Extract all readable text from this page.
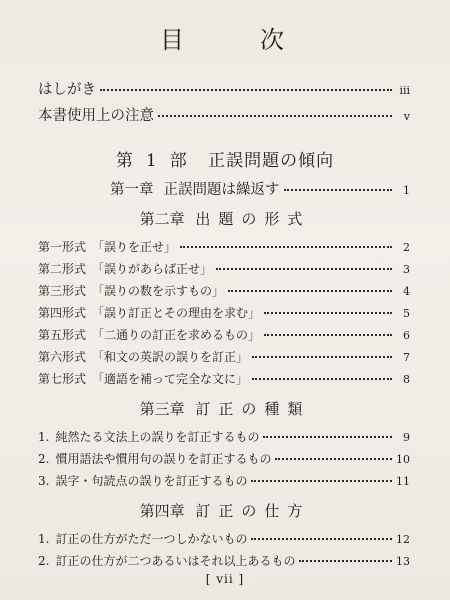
目　次
はしがき	iii
本書使用上の注意	v
第 1 部 正誤問題の傾向
第一章 正誤問題は繰返す	1
第二章 出題の形式
第一形式 「誤りを正せ」	2
第二形式 「誤りがあらば正せ」	3
第三形式 「誤りの数を示すもの」	4
第四形式 「誤り訂正とその理由を求む」	5
第五形式 「二通りの訂正を求めるもの」	6
第六形式 「和文の英訳の誤りを訂正」	7
第七形式 「適語を補って完全な文に」	8
第三章 訂正の種類
1. 純然たる文法上の誤りを訂正するもの	9
2. 慣用語法や慣用句の誤りを訂正するもの	10
3. 誤字・句読点の誤りを訂正するもの	11
第四章 訂正の仕方
1. 訂正の仕方がただ一つしかないもの	12
2. 訂正の仕方が二つあるいはそれ以上あるもの	13
[ vii ]
